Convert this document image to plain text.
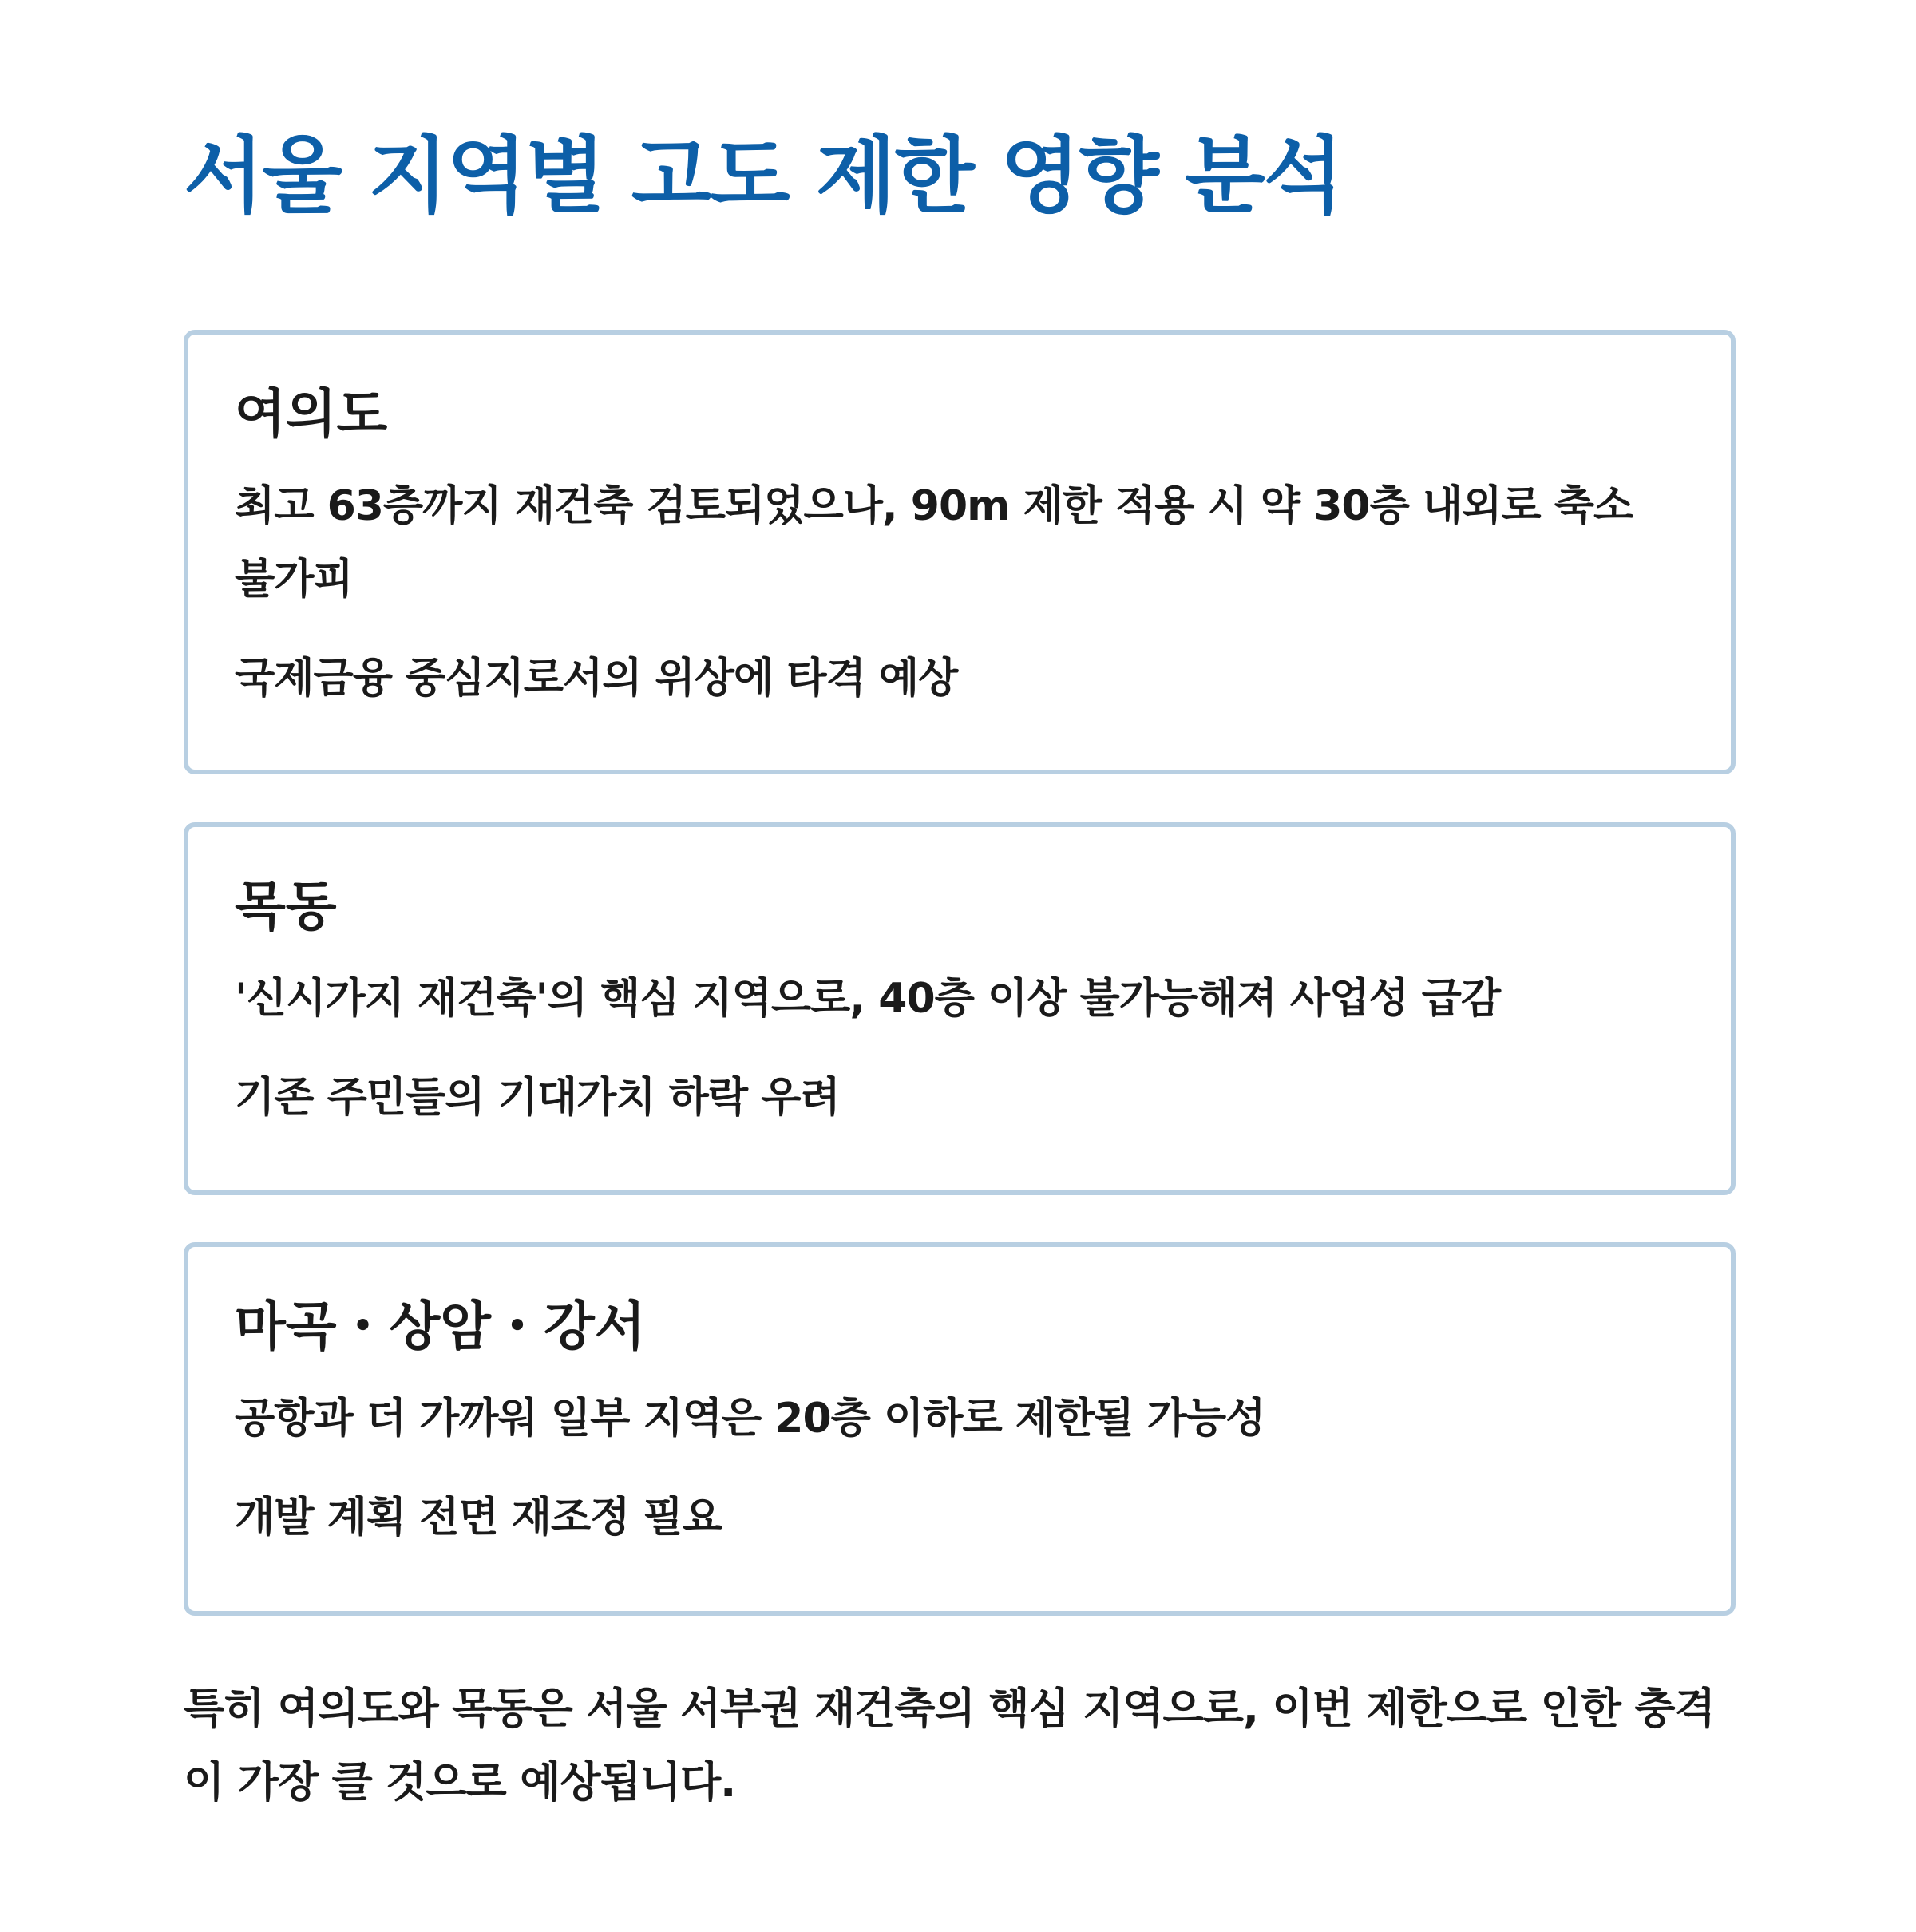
서울 지역별 고도 제한 영향 분석
여의도

최고 63층까지 재건축 검토되었으나, 90m 제한 적용 시 약 30층 내외로 축소 불가피

국제금융 중심지로서의 위상에 타격 예상

목동

'신시가지 재건축'의 핵심 지역으로, 40층 이상 불가능해져 사업성 급감

기존 주민들의 기대가치 하락 우려

마곡・상암・강서

공항과 더 가까워 일부 지역은 20층 이하로 제한될 가능성

개발 계획 전면 재조정 필요

특히 여의도와 목동은 서울 서부권 재건축의 핵심 지역으로, 이번 제한으로 인한 충격이 가장 클 것으로 예상됩니다.
